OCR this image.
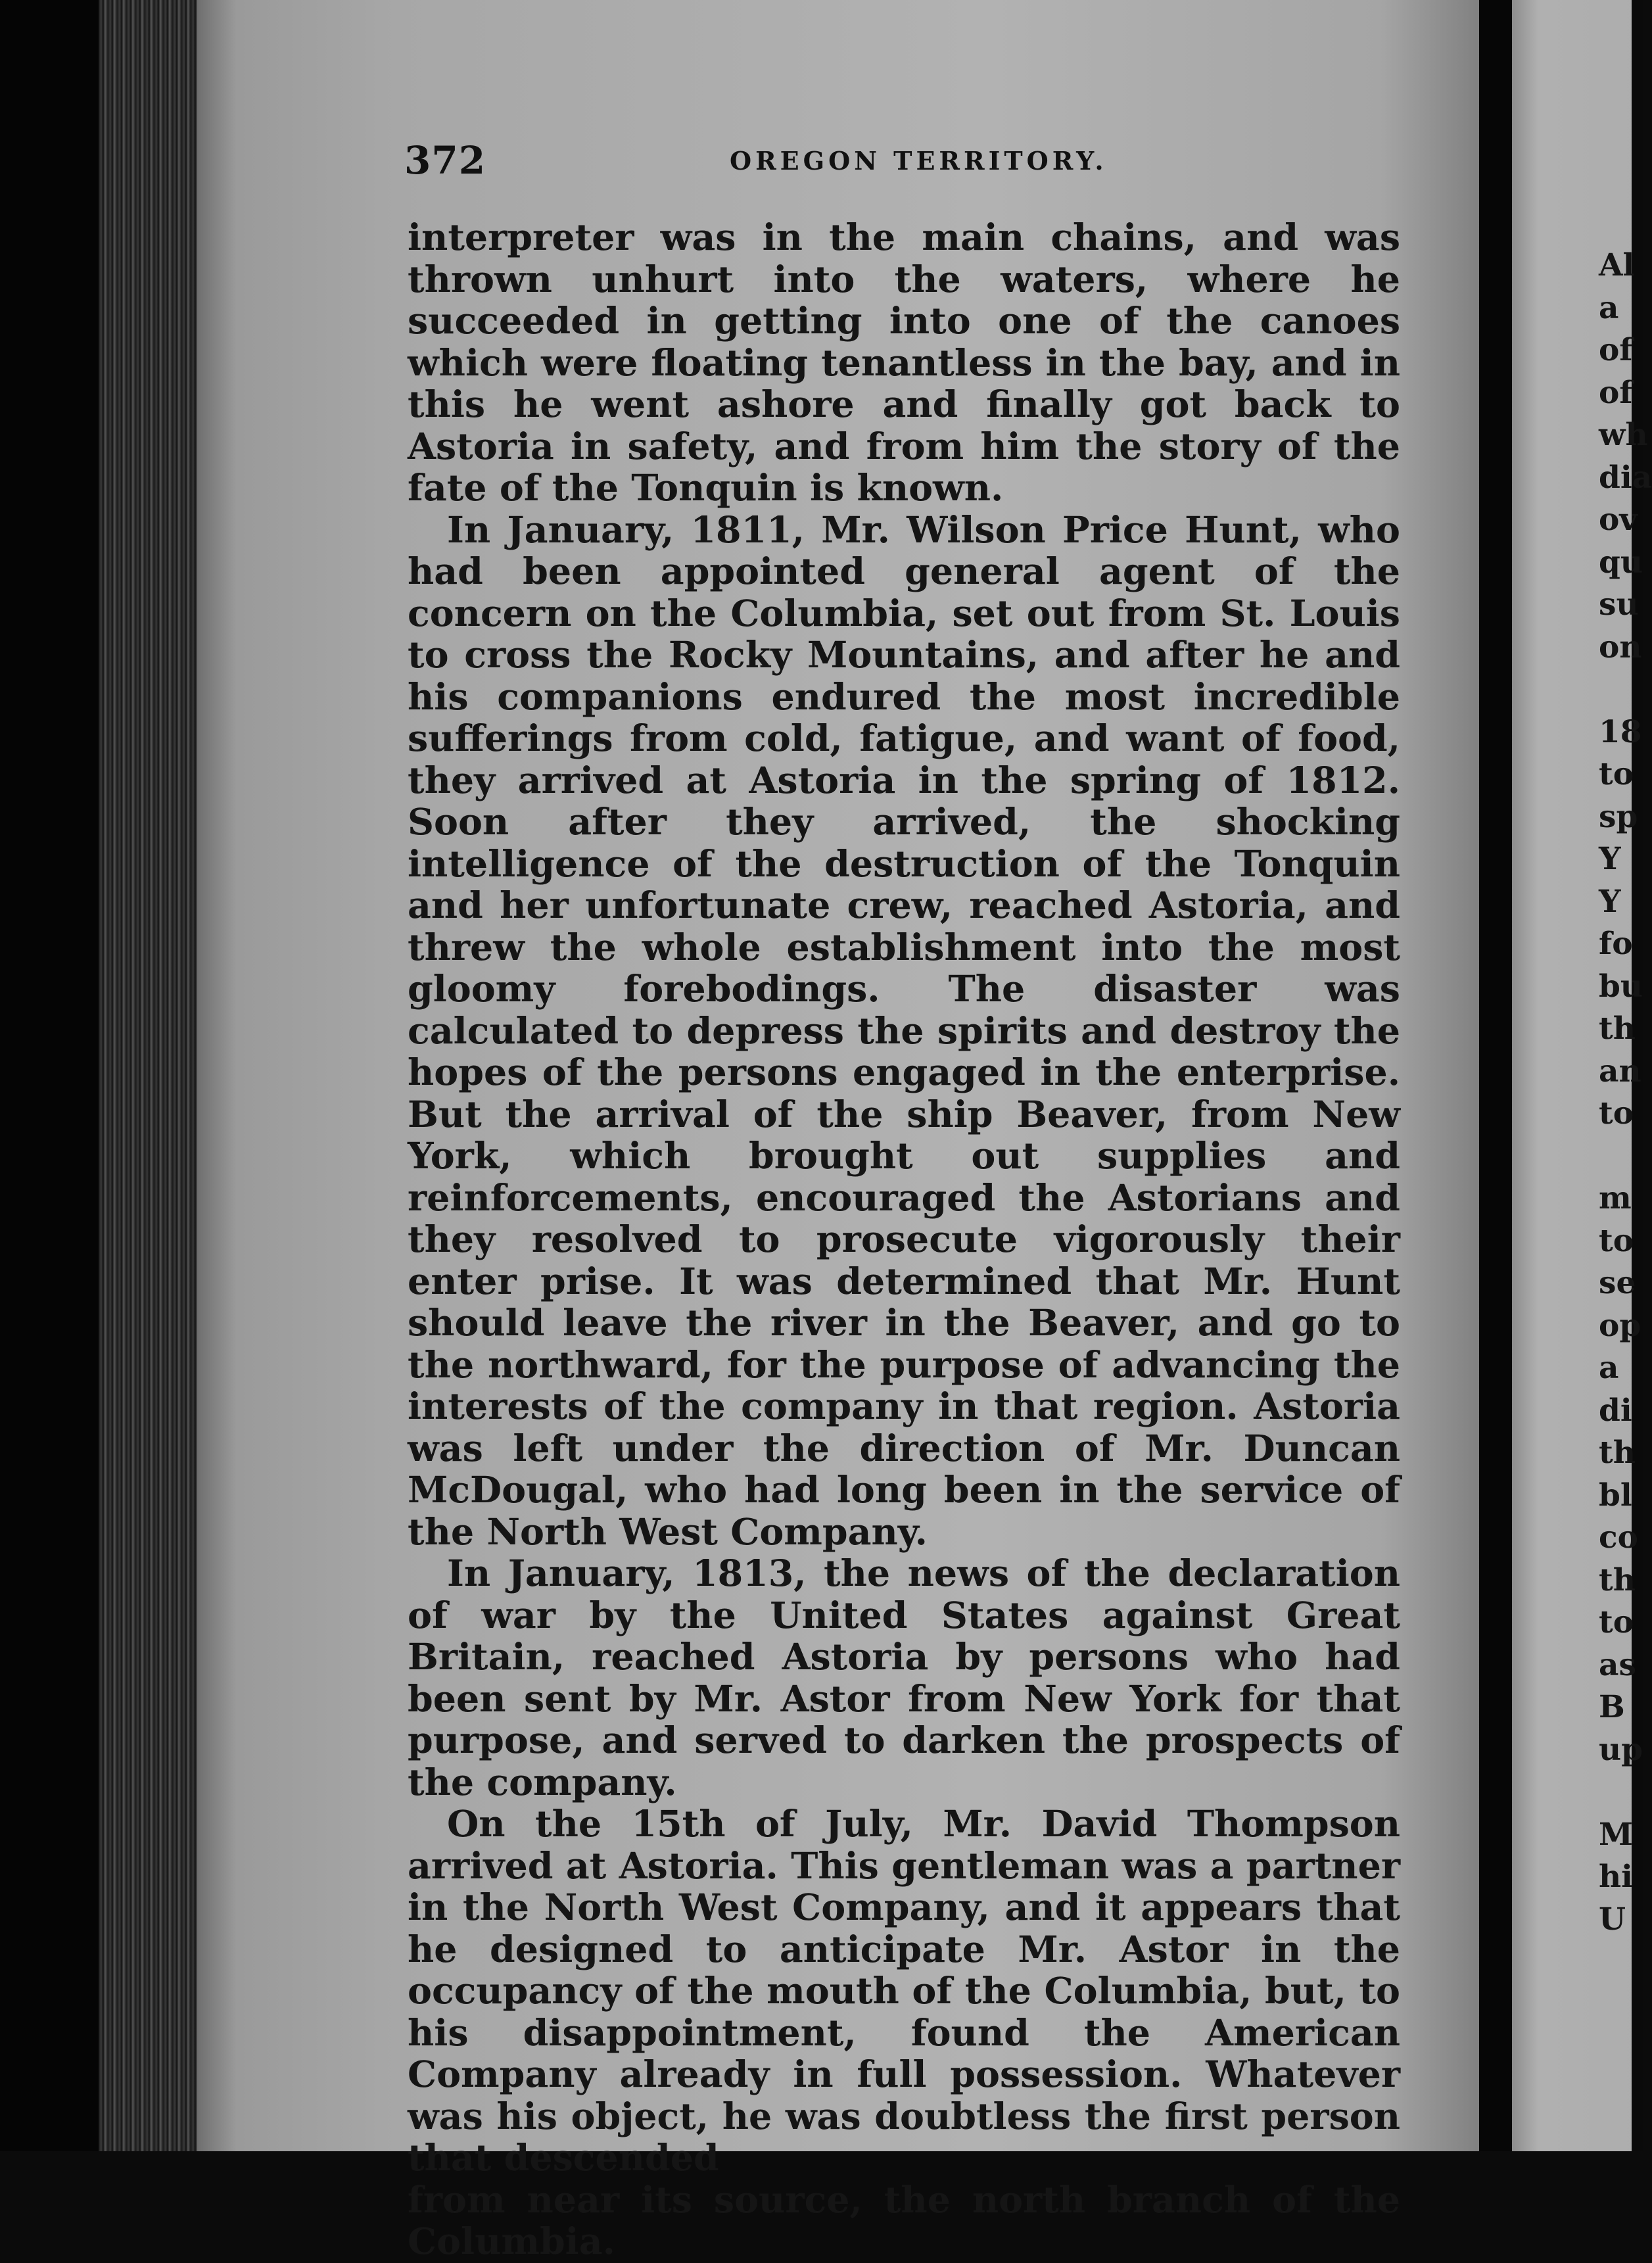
372	OREGON TERRITORY.

interpreter was in the main chains, and was thrown unhurt into the waters, where he succeeded in getting into one of the canoes which were floating tenantless in the bay, and in this he went ashore and finally got back to Astoria in safety, and from him the story of the fate of the Tonquin is known.

In January, 1811, Mr. Wilson Price Hunt, who had been appointed general agent of the concern on the Columbia, set out from St. Louis to cross the Rocky Mountains, and after he and his companions endured the most incredible sufferings from cold, fatigue, and want of food, they arrived at Astoria in the spring of 1812. Soon after they arrived, the shocking intelligence of the destruction of the Tonquin and her unfortunate crew, reached Astoria, and threw the whole establishment into the most gloomy forebodings. The disaster was calculated to depress the spirits and destroy the hopes of the persons engaged in the enterprise. But the arrival of the ship Beaver, from New York, which brought out supplies and reinforcements, encouraged the Astorians and they resolved to prosecute vigorously their enter prise. It was determined that Mr. Hunt should leave the river in the Beaver, and go to the northward, for the purpose of advancing the interests of the company in that region. Astoria was left under the direction of Mr. Duncan McDougal, who had long been in the service of the North West Company.

In January, 1813, the news of the declaration of war by the United States against Great Britain, reached Astoria by persons who had been sent by Mr. Astor from New York for that purpose, and served to darken the prospects of the company.

On the 15th of July, Mr. David Thompson arrived at Astoria. This gentleman was a partner in the North West Company, and it appears that he designed to anticipate Mr. Astor in the occupancy of the mouth of the Columbia, but, to his disappointment, found the American Company already in full possession. Whatever was his object, he was doubtless the first person that descended

from near its source, the north branch of the Columbia.

Al
a
of
of
wh
dia
ov
qu
su
on
18
to
sp
Y
Y
fo
bu
th
an
to
m
to
se
op
a
di
th
bl
co
th
to
as
B
up
M
hi
U
